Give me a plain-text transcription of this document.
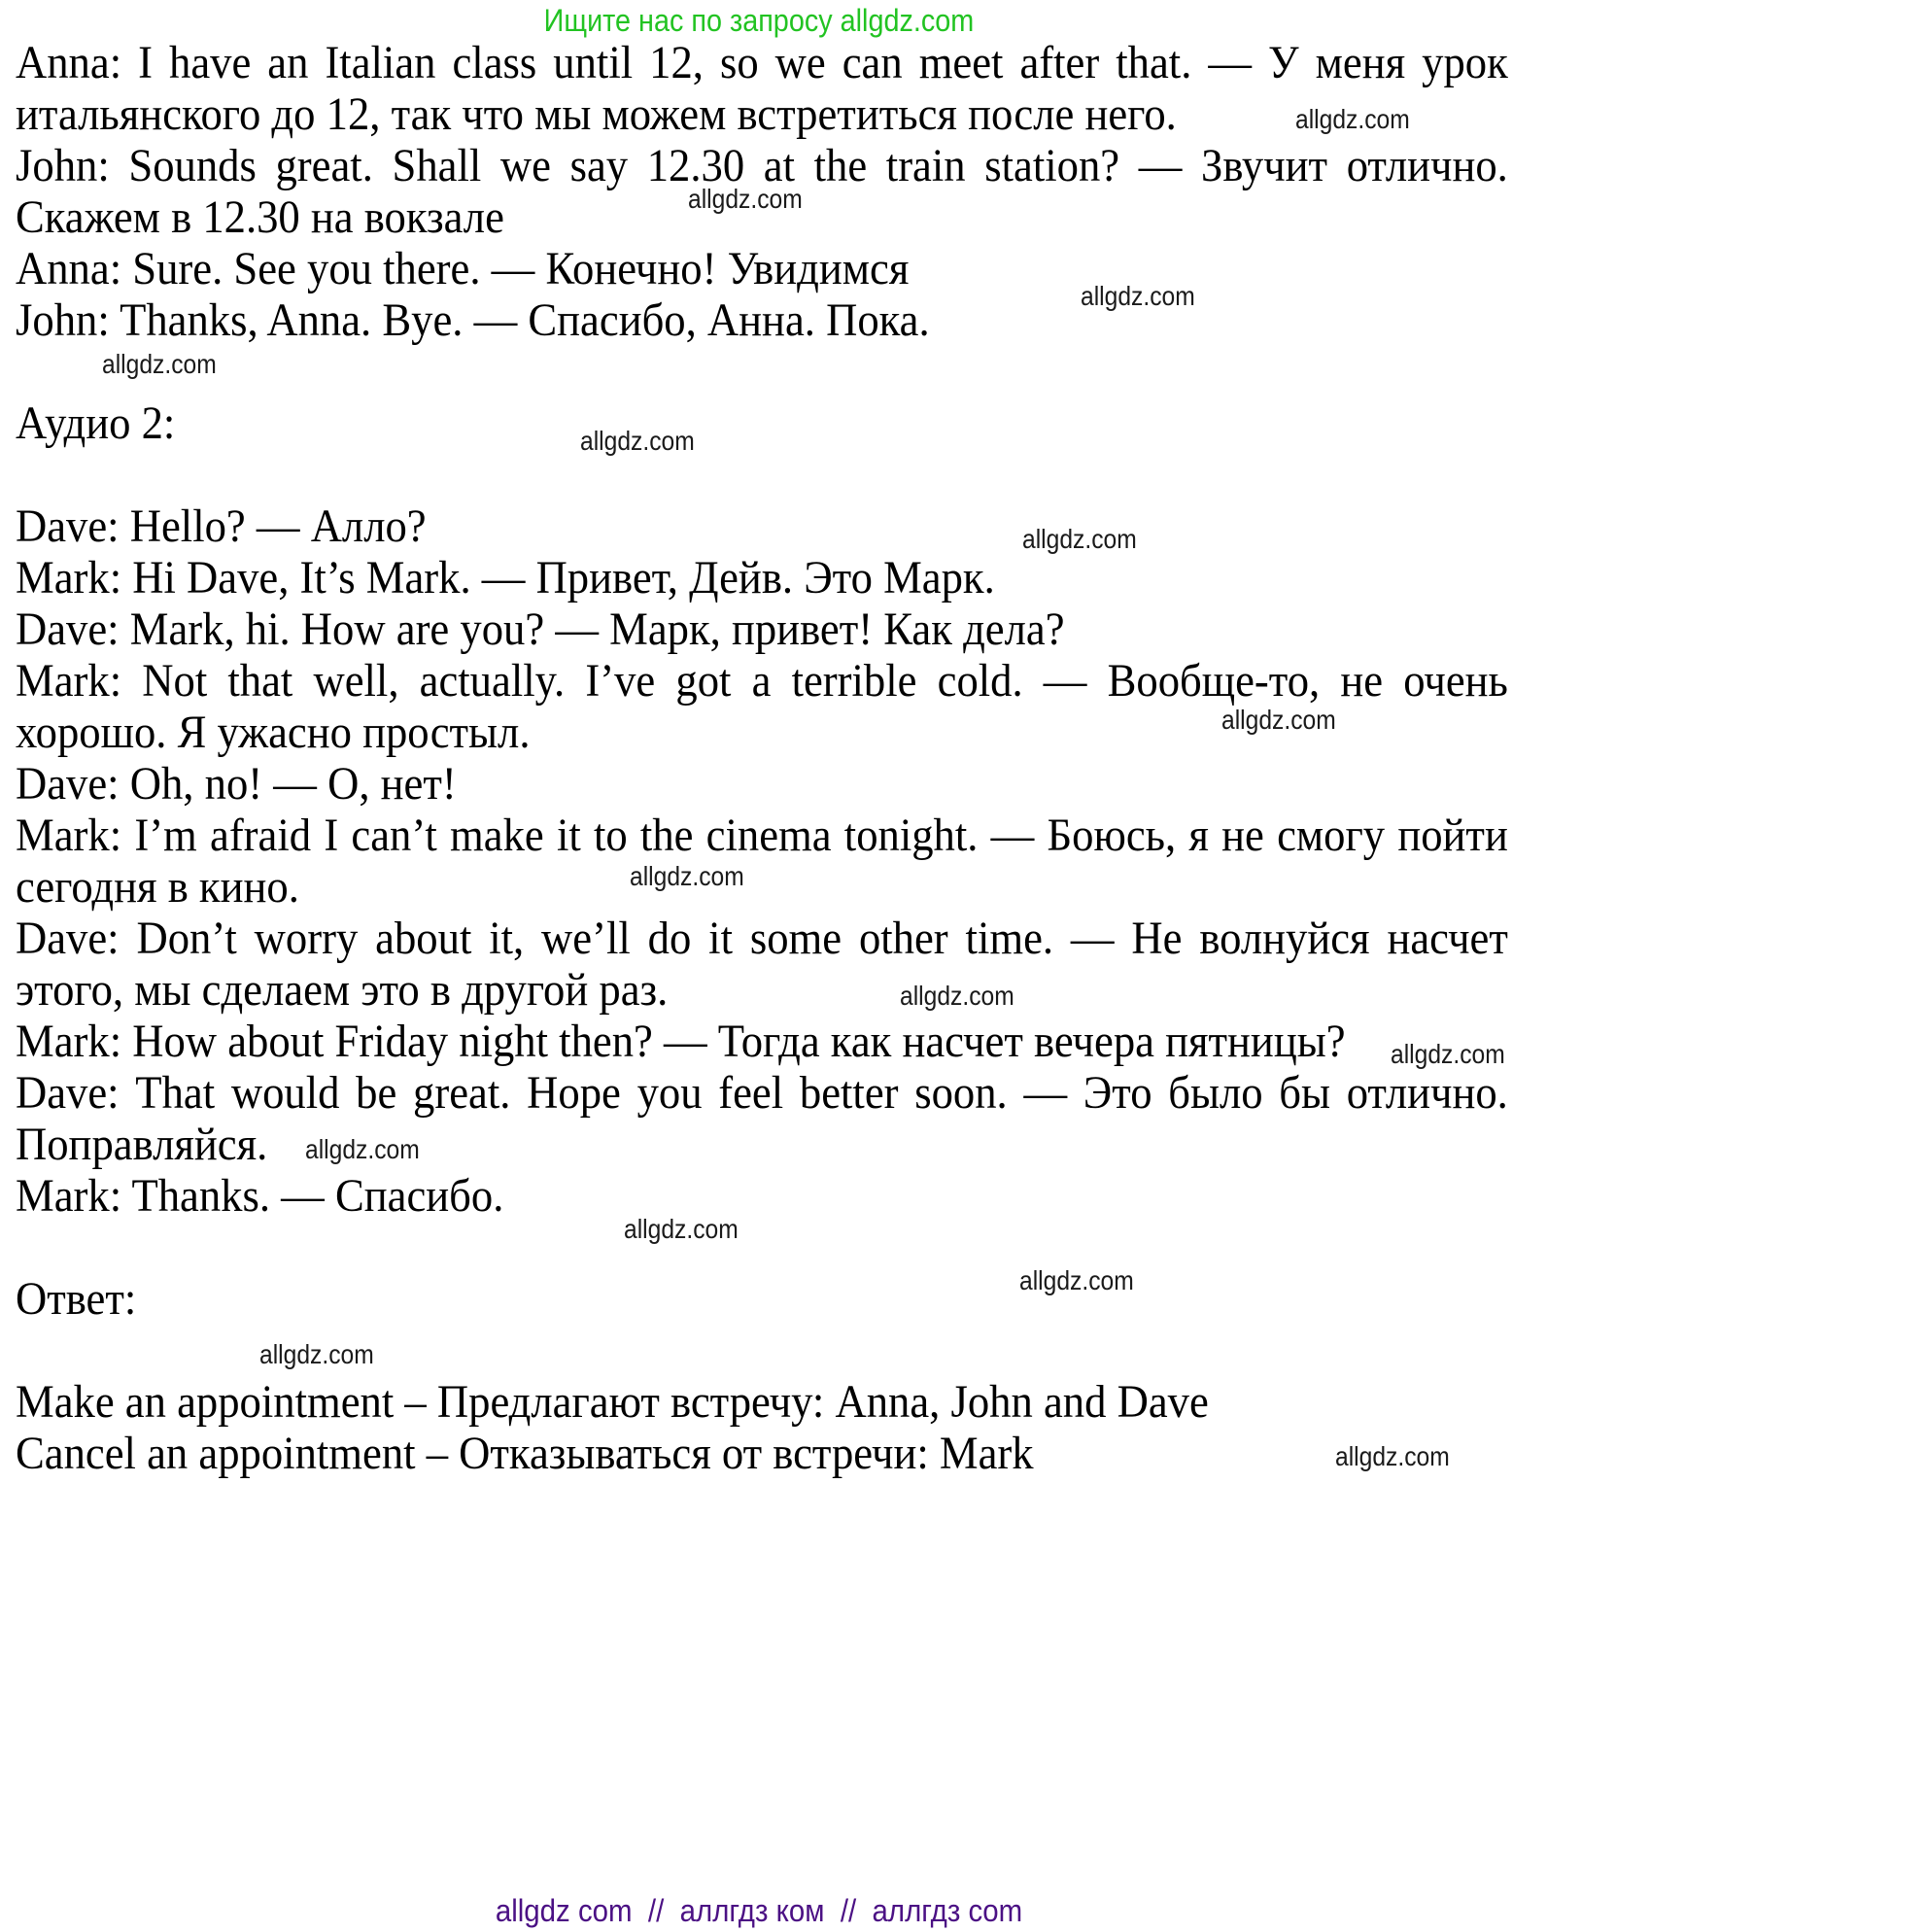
Ищите нас по запросу allgdz.com
Anna: I have an Italian class until 12, so we can meet after that. — У меня урок
итальянского до 12, так что мы можем встретиться после него.
John: Sounds great. Shall we say 12.30 at the train station? — Звучит отлично.
Скажем в 12.30 на вокзале
Anna: Sure. See you there. — Конечно! Увидимся
John: Thanks, Anna. Bye. — Спасибо, Анна. Пока.
Аудио 2:
Dave: Hello? — Алло?
Mark: Hi Dave, It’s Mark. — Привет, Дейв. Это Марк.
Dave: Mark, hi. How are you? — Марк, привет! Как дела?
Mark: Not that well, actually. I’ve got a terrible cold. — Вообще-то, не очень
хорошо. Я ужасно простыл.
Dave: Oh, no! — О, нет!
Mark: I’m afraid I can’t make it to the cinema tonight. — Боюсь, я не смогу пойти
сегодня в кино.
Dave: Don’t worry about it, we’ll do it some other time. — Не волнуйся насчет
этого, мы сделаем это в другой раз.
Mark: How about Friday night then? — Тогда как насчет вечера пятницы?
Dave: That would be great. Hope you feel better soon. — Это было бы отлично.
Поправляйся.
Mark: Thanks. — Спасибо.
Ответ:
Make an appointment – Предлагают встречу: Anna, John and Dave
Cancel an appointment – Отказываться от встречи: Mark
allgdz.com
allgdz.com
allgdz.com
allgdz.com
allgdz.com
allgdz.com
allgdz.com
allgdz.com
allgdz.com
allgdz.com
allgdz.com
allgdz.com
allgdz.com
allgdz.com
allgdz.com
allgdz com  //  аллгдз ком  //  аллгдз com
